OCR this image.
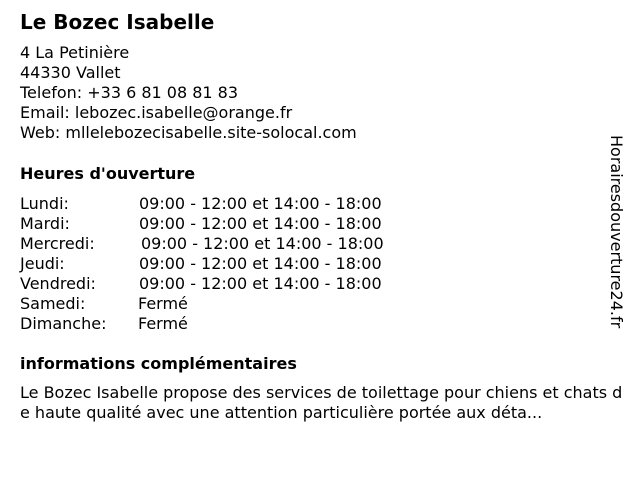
Le Bozec Isabelle
4 La Petinière
44330 Vallet
Telefon: +33 6 81 08 81 83
Email: lebozec.isabelle@orange.fr
Web: mllelebozecisabelle.site-solocal.com
Heures d'ouverture
Lundi:	09:00 - 12:00 et 14:00 - 18:00
Mardi:	09:00 - 12:00 et 14:00 - 18:00
Mercredi:	09:00 - 12:00 et 14:00 - 18:00
Jeudi:	09:00 - 12:00 et 14:00 - 18:00
Vendredi:	09:00 - 12:00 et 14:00 - 18:00
Samedi:	Fermé
Dimanche: Fermé
informations complémentaires
Le Bozec Isabelle propose des services de toilettage pour chiens et chats de haute qualité avec une attention particulière portée aux déta...
Horairesdouverture24.fr
